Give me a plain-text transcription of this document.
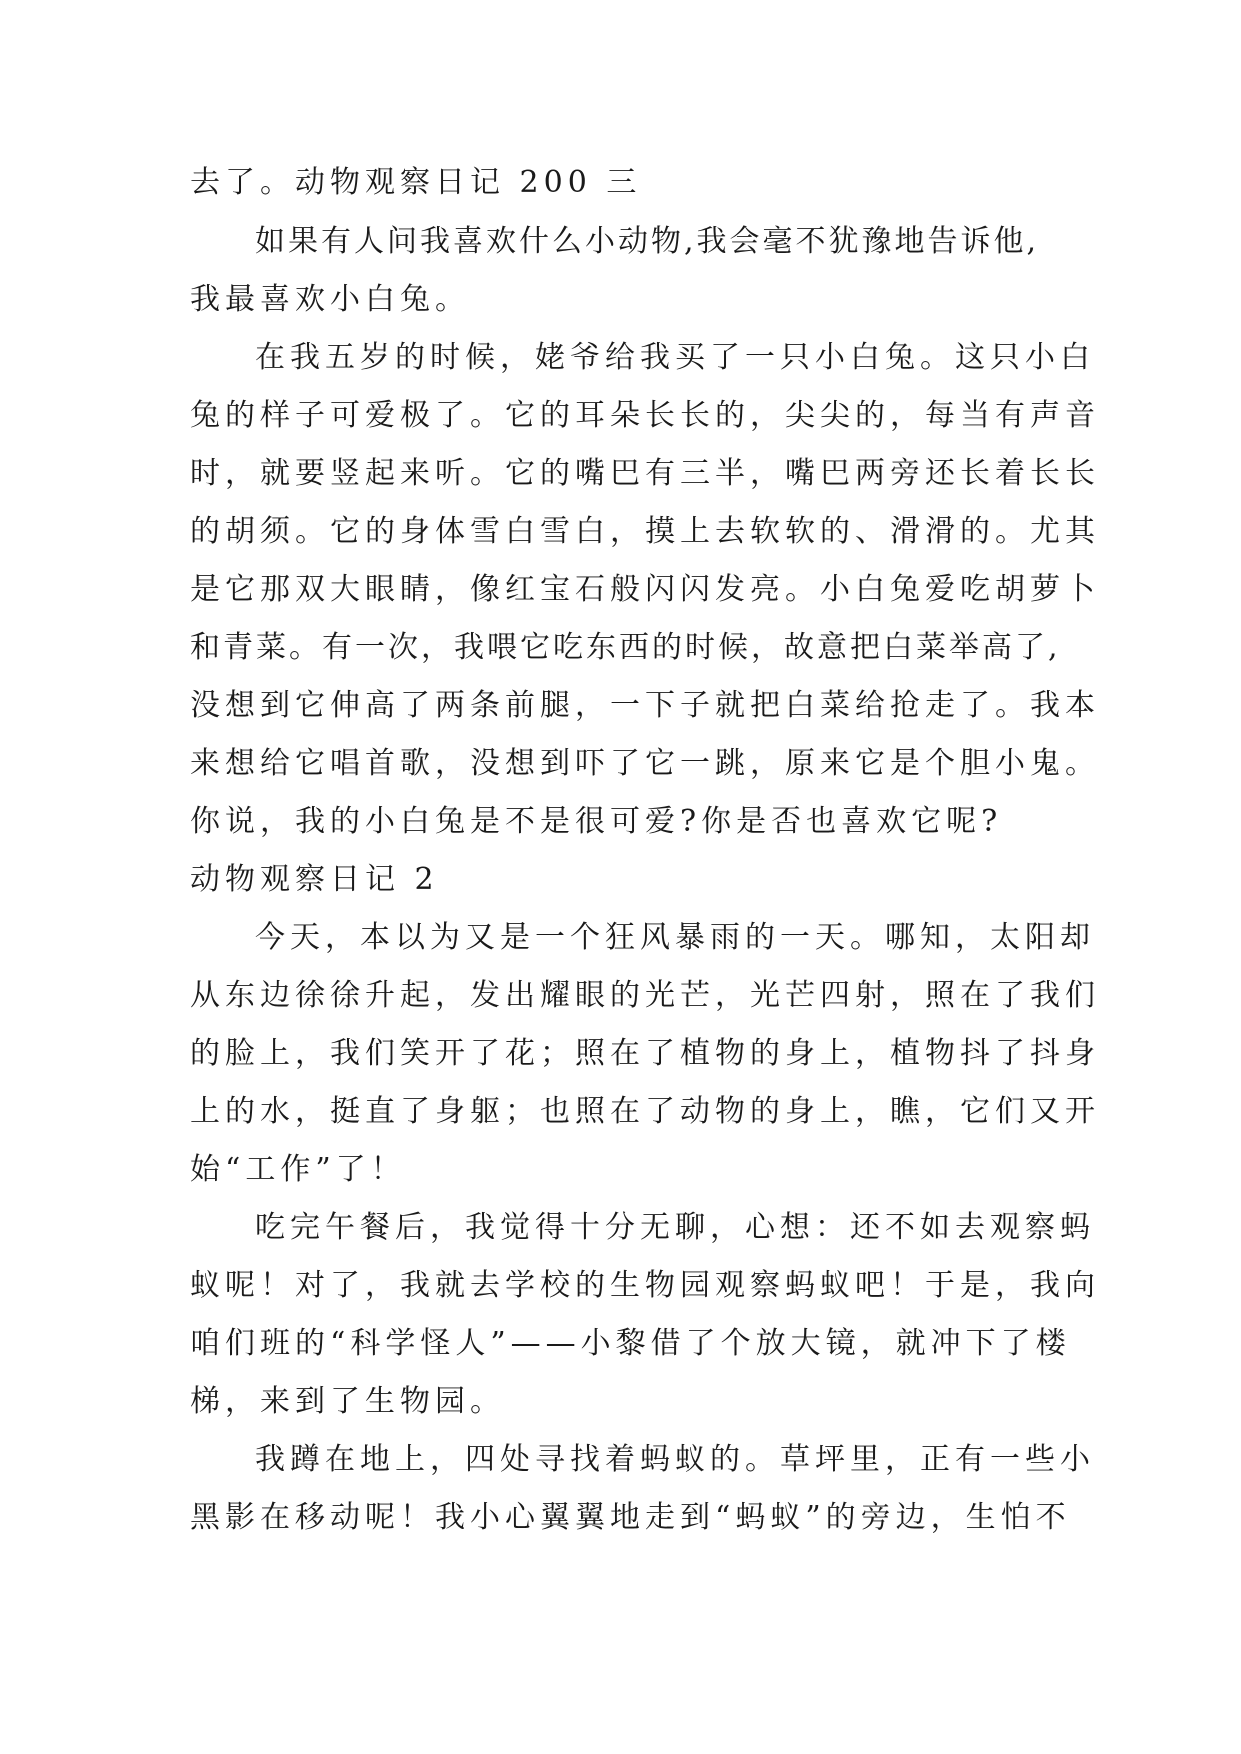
去了。动物观察日记 200 三
如果有人问我喜欢什么小动物,我会毫不犹豫地告诉他,
我最喜欢小白兔。
在我五岁的时候，姥爷给我买了一只小白兔。这只小白
兔的样子可爱极了。它的耳朵长长的，尖尖的，每当有声音
时，就要竖起来听。它的嘴巴有三半，嘴巴两旁还长着长长
的胡须。它的身体雪白雪白，摸上去软软的、滑滑的。尤其
是它那双大眼睛，像红宝石般闪闪发亮。小白兔爱吃胡萝卜
和青菜。有一次，我喂它吃东西的时候，故意把白菜举高了,
没想到它伸高了两条前腿，一下子就把白菜给抢走了。我本
来想给它唱首歌，没想到吓了它一跳，原来它是个胆小鬼。
你说，我的小白兔是不是很可爱?你是否也喜欢它呢?
动物观察日记 2
今天，本以为又是一个狂风暴雨的一天。哪知，太阳却
从东边徐徐升起，发出耀眼的光芒，光芒四射，照在了我们
的脸上，我们笑开了花；照在了植物的身上，植物抖了抖身
上的水，挺直了身躯；也照在了动物的身上，瞧，它们又开
始“工作”了！
吃完午餐后，我觉得十分无聊，心想：还不如去观察蚂
蚁呢！对了，我就去学校的生物园观察蚂蚁吧！于是，我向
咱们班的“科学怪人”——小黎借了个放大镜，就冲下了楼
梯，来到了生物园。
我蹲在地上，四处寻找着蚂蚁的。草坪里，正有一些小
黑影在移动呢！我小心翼翼地走到“蚂蚁”的旁边，生怕不
